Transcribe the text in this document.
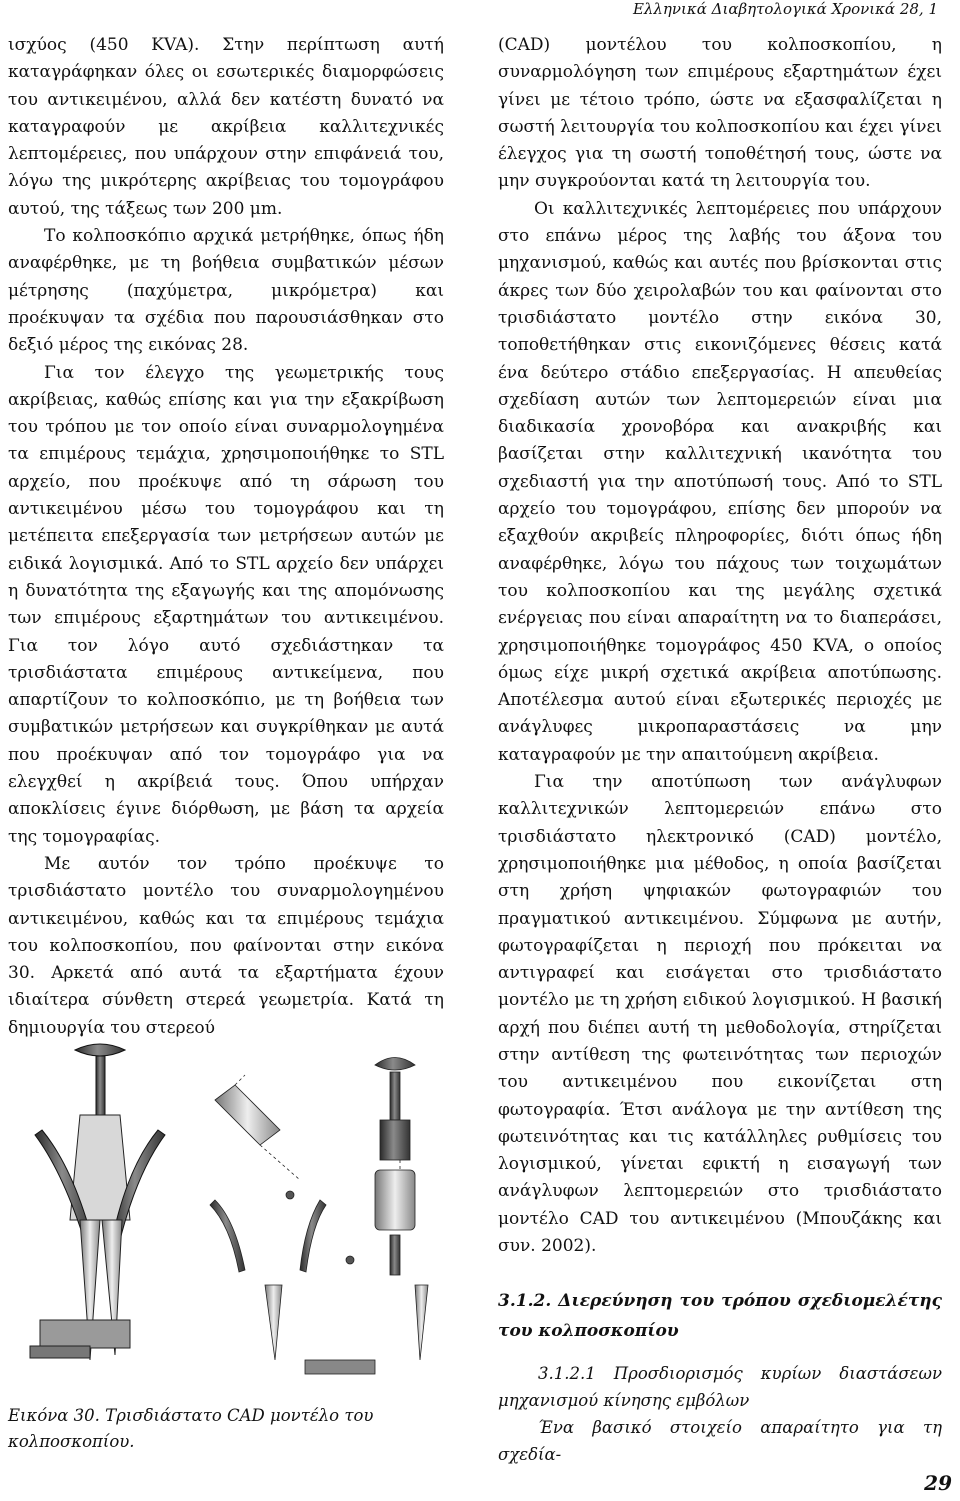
Ελληνικά Διαβητολογικά Χρονικά 28, 1

ισχύος (450 KVA). Στην περίπτωση αυτή καταγράφηκαν όλες οι εσωτερικές διαμορφώσεις του αντικειμένου, αλλά δεν κατέστη δυνατό να καταγραφούν με ακρίβεια καλλιτεχνικές λεπτομέρειες, που υπάρχουν στην επιφάνειά του, λόγω της μικρότερης ακρίβειας του τομογράφου αυτού, της τάξεως των 200 μm.

Το κολποσκόπιο αρχικά μετρήθηκε, όπως ήδη αναφέρθηκε, με τη βοήθεια συμβατικών μέσων μέτρησης (παχύμετρα, μικρόμετρα) και προέκυψαν τα σχέδια που παρουσιάσθηκαν στο δεξιό μέρος της εικόνας 28.

Για τον έλεγχο της γεωμετρικής τους ακρίβειας, καθώς επίσης και για την εξακρίβωση του τρόπου με τον οποίο είναι συναρμολογημένα τα επιμέρους τεμάχια, χρησιμοποιήθηκε το STL αρχείο, που προέκυψε από τη σάρωση του αντικειμένου μέσω του τομογράφου και τη μετέπειτα επεξεργασία των μετρήσεων αυτών με ειδικά λογισμικά. Από το STL αρχείο δεν υπάρχει η δυνατότητα της εξαγωγής και της απομόνωσης των επιμέρους εξαρτημάτων του αντικειμένου. Για τον λόγο αυτό σχεδιάστηκαν τα τρισδιάστατα επιμέρους αντικείμενα, που απαρτίζουν το κολποσκόπιο, με τη βοήθεια των συμβατικών μετρήσεων και συγκρίθηκαν με αυτά που προέκυψαν από τον τομογράφο για να ελεγχθεί η ακρίβειά τους. Όπου υπήρχαν αποκλίσεις έγινε διόρθωση, με βάση τα αρχεία της τομογραφίας.

Με αυτόν τον τρόπο προέκυψε το τρισδιάστατο μοντέλο του συναρμολογημένου αντικειμένου, καθώς και τα επιμέρους τεμάχια του κολποσκοπίου, που φαίνονται στην εικόνα 30. Αρκετά από αυτά τα εξαρτήματα έχουν ιδιαίτερα σύνθετη στερεά γεωμετρία. Κατά τη δημιουργία του στερεού

(CAD) μοντέλου του κολποσκοπίου, η συναρμολόγηση των επιμέρους εξαρτημάτων έχει γίνει με τέτοιο τρόπο, ώστε να εξασφαλίζεται η σωστή λειτουργία του κολποσκοπίου και έχει γίνει έλεγχος για τη σωστή τοποθέτησή τους, ώστε να μην συγκρούονται κατά τη λειτουργία του.

Οι καλλιτεχνικές λεπτομέρειες που υπάρχουν στο επάνω μέρος της λαβής του άξονα του μηχανισμού, καθώς και αυτές που βρίσκονται στις άκρες των δύο χειρολαβών του και φαίνονται στο τρισδιάστατο μοντέλο στην εικόνα 30, τοποθετήθηκαν στις εικονιζόμενες θέσεις κατά ένα δεύτερο στάδιο επεξεργασίας. Η απευθείας σχεδίαση αυτών των λεπτομερειών είναι μια διαδικασία χρονοβόρα και ανακριβής και βασίζεται στην καλλιτεχνική ικανότητα του σχεδιαστή για την αποτύπωσή τους. Από το STL αρχείο του τομογράφου, επίσης δεν μπορούν να εξαχθούν ακριβείς πληροφορίες, διότι όπως ήδη αναφέρθηκε, λόγω του πάχους των τοιχωμάτων του κολποσκοπίου και της μεγάλης σχετικά ενέργειας που είναι απαραίτητη να το διαπεράσει, χρησιμοποιήθηκε τομογράφος 450 KVA, ο οποίος όμως είχε μικρή σχετικά ακρίβεια αποτύπωσης. Αποτέλεσμα αυτού είναι εξωτερικές περιοχές με ανάγλυφες μικροπαραστάσεις να μην καταγραφούν με την απαιτούμενη ακρίβεια.

Για την αποτύπωση των ανάγλυφων καλλιτεχνικών λεπτομερειών επάνω στο τρισδιάστατο ηλεκτρονικό (CAD) μοντέλο, χρησιμοποιήθηκε μια μέθοδος, η οποία βασίζεται στη χρήση ψηφιακών φωτογραφιών του πραγματικού αντικειμένου. Σύμφωνα με αυτήν, φωτογραφίζεται η περιοχή που πρόκειται να αντιγραφεί και εισάγεται στο τρισδιάστατο μοντέλο με τη χρήση ειδικού λογισμικού. Η βασική αρχή που διέπει αυτή τη μεθοδολογία, στηρίζεται στην αντίθεση της φωτεινότητας των περιοχών του αντικειμένου που εικονίζεται στη φωτογραφία. Έτσι ανάλογα με την αντίθεση της φωτεινότητας και τις κατάλληλες ρυθμίσεις του λογισμικού, γίνεται εφικτή η εισαγωγή των ανάγλυφων λεπτομερειών στο τρισδιάστατο μοντέλο CAD του αντικειμένου (Μπουζάκης και συν. 2002).

3.1.2. Διερεύνηση του τρόπου σχεδιομελέτης του κολποσκοπίου

3.1.2.1 Προσδιορισμός κυρίων διαστάσεων μηχανισμού κίνησης εμβόλων

Ένα βασικό στοιχείο απαραίτητο για τη σχεδία-

Εικόνα 30. Τρισδιάστατο CAD μοντέλο του κολποσκοπίου.
29
